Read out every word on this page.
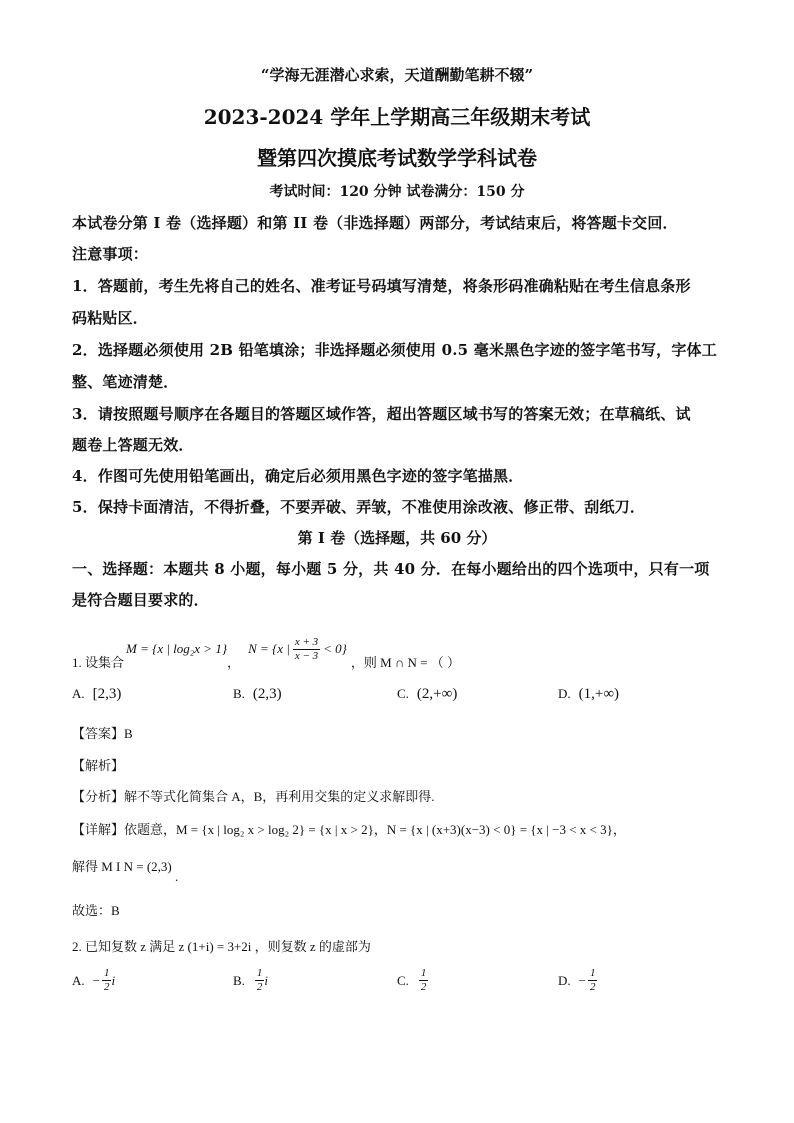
“学海无涯潜心求索，天道酬勤笔耕不辍”
2023-2024 学年上学期高三年级期末考试
暨第四次摸底考试数学学科试卷
考试时间：120 分钟 试卷满分：150 分
本试卷分第 I 卷（选择题）和第 II 卷（非选择题）两部分，考试结束后，将答题卡交回．
注意事项：
1．答题前，考生先将自己的姓名、准考证号码填写清楚，将条形码准确粘贴在考生信息条形
码粘贴区．
2．选择题必须使用 2B 铅笔填涂；非选择题必须使用 0.5 毫米黑色字迹的签字笔书写，字体工
整、笔迹清楚．
3．请按照题号顺序在各题目的答题区域作答，超出答题区域书写的答案无效；在草稿纸、试
题卷上答题无效．
4．作图可先使用铅笔画出，确定后必须用黑色字迹的签字笔描黑．
5．保持卡面清洁，不得折叠，不要弄破、弄皱，不准使用涂改液、修正带、刮纸刀．
第 I 卷（选择题，共 60 分）
一、选择题：本题共 8 小题，每小题 5 分，共 40 分．在每小题给出的四个选项中，只有一项
是符合题目要求的．
1. 设集合
M = {x | log₂x > 1}
，
N = {x | $\frac{x + 3}{x - 3} < 0$}
，则 M ∩ N = （ ）
A. [2,3)	B. (2,3)	C. (2,+∞)	D. (1,+∞)
【答案】B
【解析】
【分析】解不等式化简集合 A，B，再利用交集的定义求解即得.
【详解】依题意，M = {x | log₂ x > log₂ 2} = {x | x > 2}，N = {x | (x+3)(x−3) < 0} = {x | −3 < x < 3}，
解得 M I N = (2,3) .
故选：B
2. 已知复数 z 满足 z (1+i) = 3+2i ，则复数 z 的虚部为
A. − $\frac{1}{2}$ i	B. $\frac{1}{2}$ i	C. $\frac{1}{2}$	D. − $\frac{1}{2}$
